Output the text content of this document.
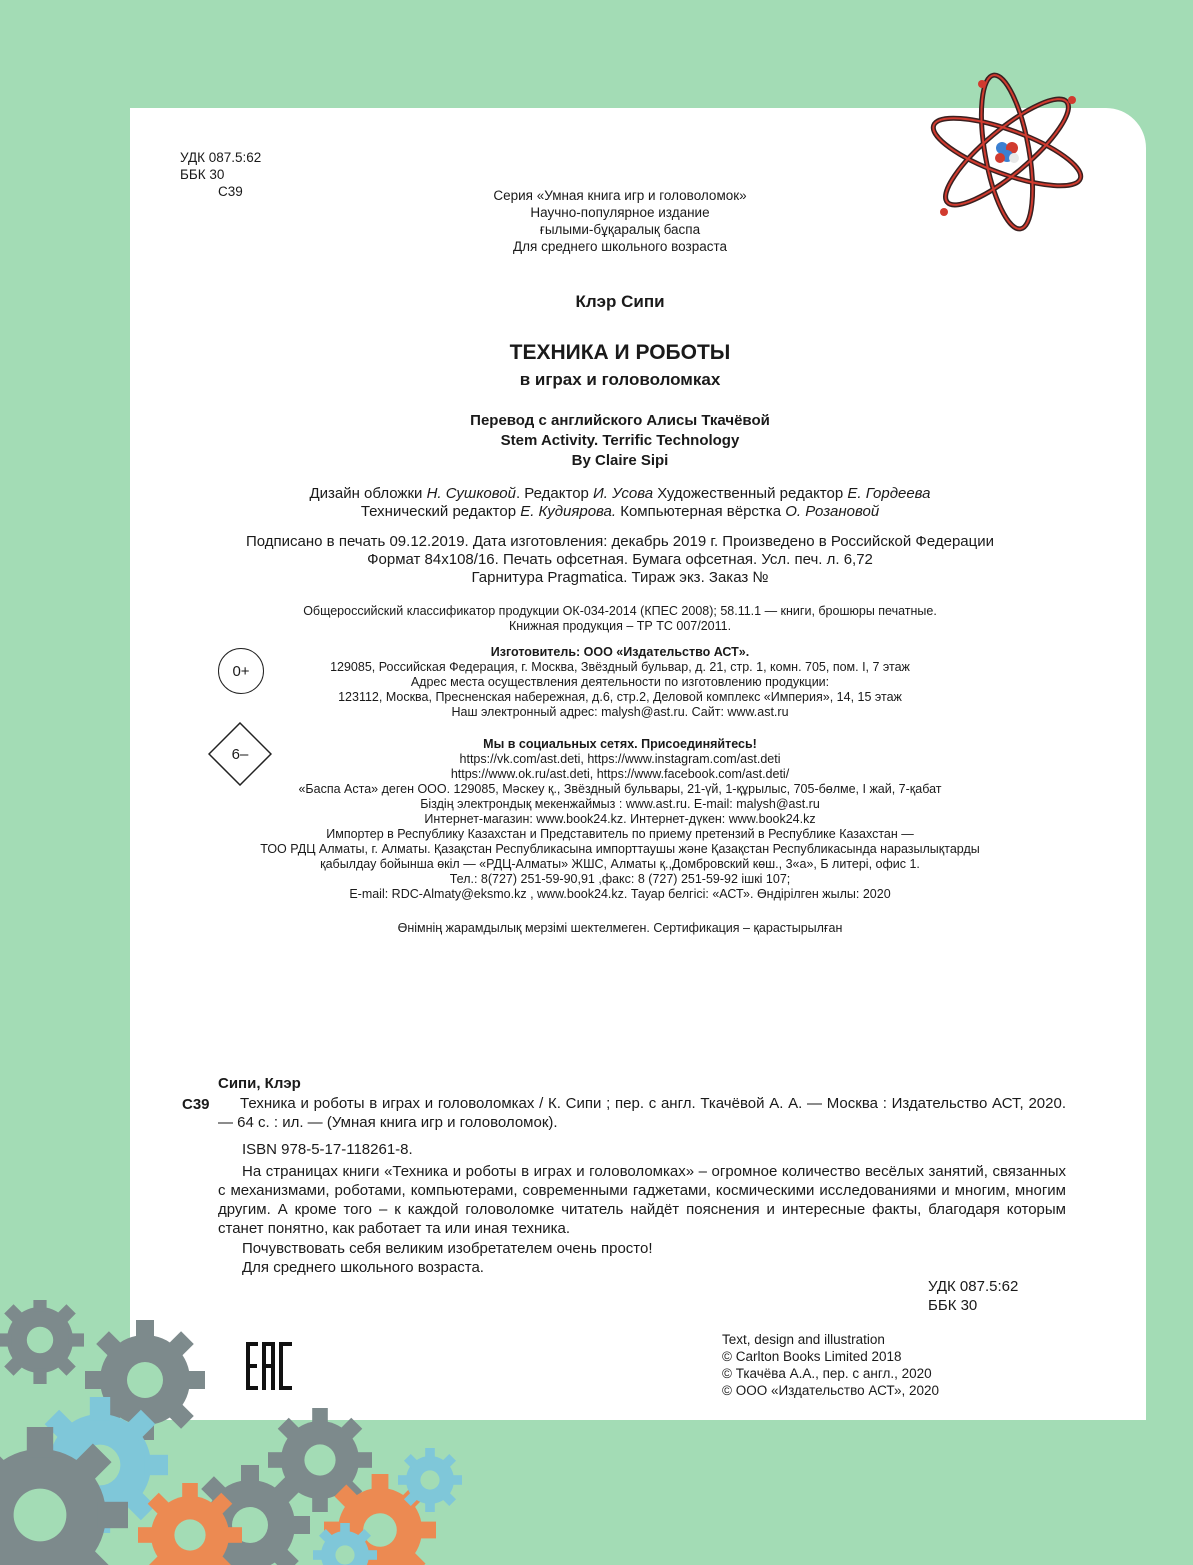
УДК 087.5:62
ББК 30
С39	Серия «Умная книга игр и головоломок»
Научно-популярное издание
ғылыми-бұқаралық баспа
Для среднего школьного возраста
Клэр Сипи
ТЕХНИКА И РОБОТЫ
в играх и головоломках
Перевод с английского Алисы Ткачёвой
Stem Activity. Terrific Technology
By Claire Sipi
Дизайн обложки Н. Сушковой. Редактор И. Усова Художественный редактор Е. Гордеева
Технический редактор Е. Кудиярова. Компьютерная вёрстка О. Розановой
Подписано в печать 09.12.2019. Дата изготовления: декабрь 2019 г. Произведено в Российской Федерации
Формат 84x108/16. Печать офсетная. Бумага офсетная. Усл. печ. л. 6,72
Гарнитура Pragmatica. Тираж экз. Заказ №
Общероссийский классификатор продукции ОК-034-2014 (КПЕС 2008); 58.11.1 — книги, брошюры печатные.
Книжная продукция – ТР ТС 007/2011.
0+
6–
Изготовитель: ООО «Издательство АСТ».
129085, Российская Федерация, г. Москва, Звёздный бульвар, д. 21, стр. 1, комн. 705, пом. I, 7 этаж
Адрес места осуществления деятельности по изготовлению продукции:
123112, Москва, Пресненская набережная, д.6, стр.2, Деловой комплекс «Империя», 14, 15 этаж
Наш электронный адрес: malysh@ast.ru. Сайт: www.ast.ru
Мы в социальных сетях. Присоединяйтесь!
https://vk.com/ast.deti, https://www.instagram.com/ast.deti
https://www.ok.ru/ast.deti, https://www.facebook.com/ast.deti/
«Баспа Аста» деген ООО. 129085, Мәскеу қ., Звёздный бульвары, 21-үй, 1-құрылыс, 705-бөлме, I жай, 7-қабат
Біздің электрондық мекенжаймыз : www.ast.ru. E-mail: malysh@ast.ru
Интернет-магазин: www.book24.kz. Интернет-дүкен: www.book24.kz
Импортер в Республику Казахстан и Представитель по приему претензий в Республике Казахстан —
ТОО РДЦ Алматы, г. Алматы. Қазақстан Республикасына импорттаушы және Қазақстан Республикасында наразылықтарды
қабылдау бойынша өкіл — «РДЦ-Алматы» ЖШС, Алматы қ.,Домбровский көш., 3«а», Б литері, офис 1.
Тел.: 8(727) 251-59-90,91 ,факс: 8 (727) 251-59-92 ішкі 107;
E-mail: RDC-Almaty@eksmo.kz , www.book24.kz. Тауар белгісі: «АСТ». Өндірілген жылы: 2020
Өнімнің жарамдылық мерзімі шектелмеген. Сертификация – қарастырылған
Сипи, Клэр
С39	Техника и роботы в играх и головоломках / К. Сипи ; пер. с англ. Ткачёвой А. А. — Москва : Издательство АСТ, 2020. — 64 с. : ил. — (Умная книга игр и головоломок).
ISBN 978-5-17-118261-8.
На страницах книги «Техника и роботы в играх и головоломках» – огромное количество весёлых занятий, связанных с механизмами, роботами, компьютерами, современными гаджетами, космическими исследованиями и многим, многим другим. А кроме того – к каждой головоломке читатель найдёт пояснения и интересные факты, благодаря которым станет понятно, как работает та или иная техника.
Почувствовать себя великим изобретателем очень просто!
Для среднего школьного возраста.
УДК 087.5:62
ББК 30
Text, design and illustration
© Carlton Books Limited 2018
© Ткачёва А.А., пер. с англ., 2020
© ООО «Издательство АСТ», 2020
